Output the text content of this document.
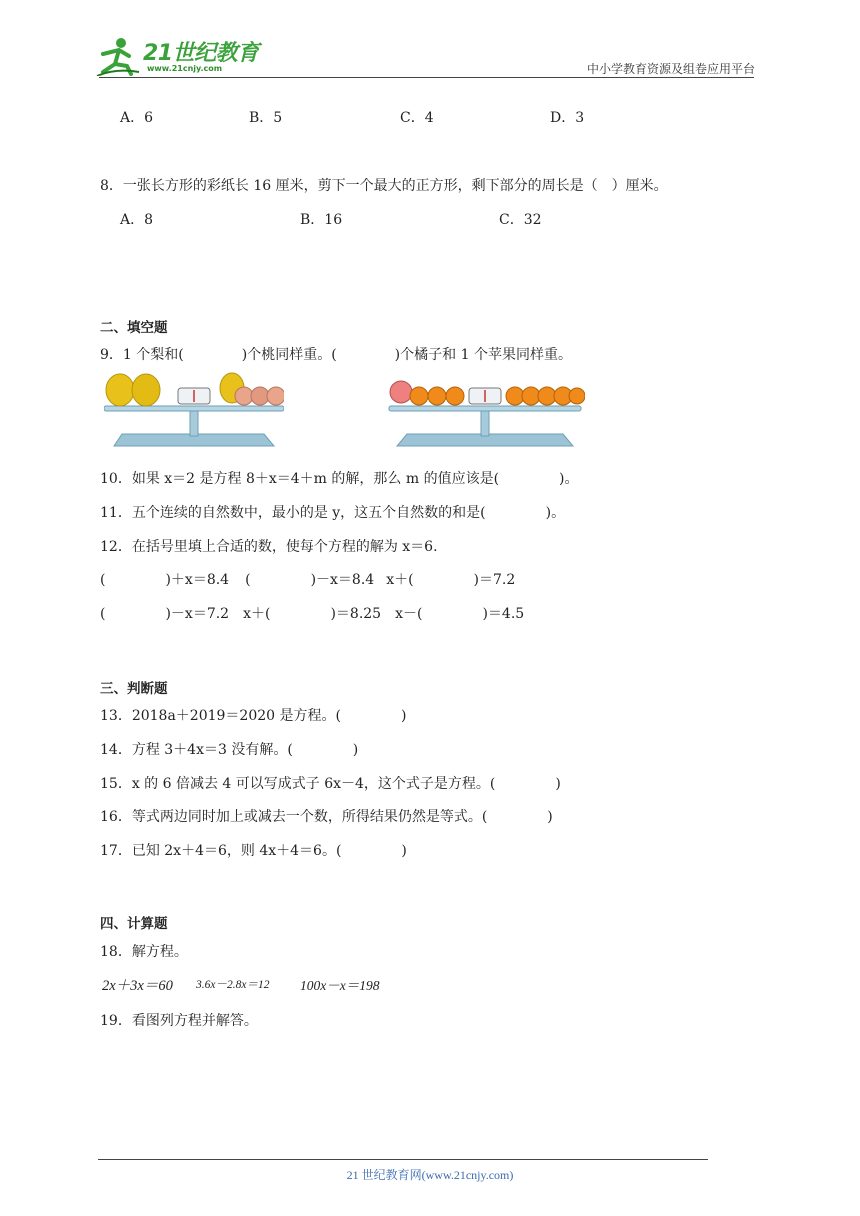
21世纪教育
www.21cnjy.com	中小学教育资源及组卷应用平台
A．6	B．5	C．4	D．3
8．一张长方形的彩纸长 16 厘米，剪下一个最大的正方形，剩下部分的周长是（　）厘米。
A．8	B．16	C．32
二、填空题
9．1 个梨和(	)个桃同样重。(	)个橘子和 1 个苹果同样重。
10．如果 x＝2 是方程 8＋x＝4＋m 的解，那么 m 的值应该是(	)。
11．五个连续的自然数中，最小的是 y，这五个自然数的和是(	)。
12．在括号里填上合适的数，使每个方程的解为 x＝6.
(	)＋x＝8.4 (	)－x＝8.4 x＋(	)＝7.2
(	)－x＝7.2 x＋(	)＝8.25 x－(	)＝4.5
三、判断题
13．2018a＋2019＝2020 是方程。(	)
14．方程 3＋4x＝3 没有解。(	)
15．x 的 6 倍减去 4 可以写成式子 6x－4，这个式子是方程。(	)
16．等式两边同时加上或减去一个数，所得结果仍然是等式。(	)
17．已知 2x＋4＝6，则 4x＋4＝6。(	)
四、计算题
18．解方程。
2x＋3x＝60 3.6x－2.8x＝12 100x－x＝198
19．看图列方程并解答。
21 世纪教育网(www.21cnjy.com)
